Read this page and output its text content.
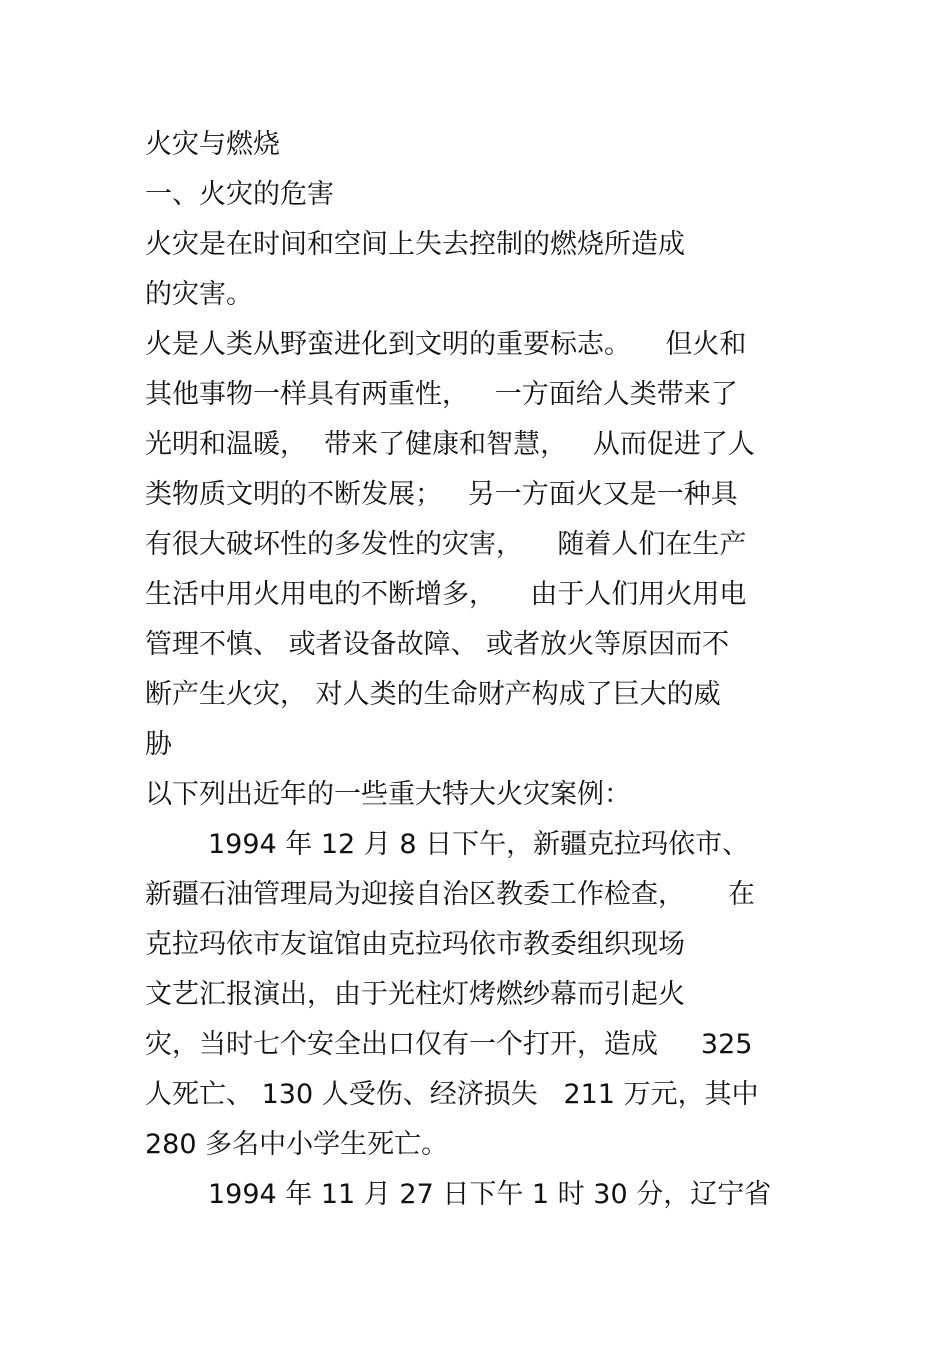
火灾与燃烧
一、火灾的危害
火灾是在时间和空间上失去控制的燃烧所造成
的灾害。
火是人类从野蛮进化到文明的重要标志。    但火和
其他事物一样具有两重性，   一方面给人类带来了
光明和温暖，  带来了健康和智慧，   从而促进了人
类物质文明的不断发展；   另一方面火又是一种具
有很大破坏性的多发性的灾害，    随着人们在生产
生活中用火用电的不断增多，    由于人们用火用电
管理不慎、 或者设备故障、 或者放火等原因而不
断产生火灾， 对人类的生命财产构成了巨大的威
胁
以下列出近年的一些重大特大火灾案例：
1994 年 12 月 8 日下午，新疆克拉玛依市、
新疆石油管理局为迎接自治区教委工作检查，     在
克拉玛依市友谊馆由克拉玛依市教委组织现场
文艺汇报演出，由于光柱灯烤燃纱幕而引起火
灾，当时七个安全出口仅有一个打开，造成     325
人死亡、 130 人受伤、经济损失   211 万元，其中
280 多名中小学生死亡。
1994 年 11 月 27 日下午 1 时 30 分，辽宁省
